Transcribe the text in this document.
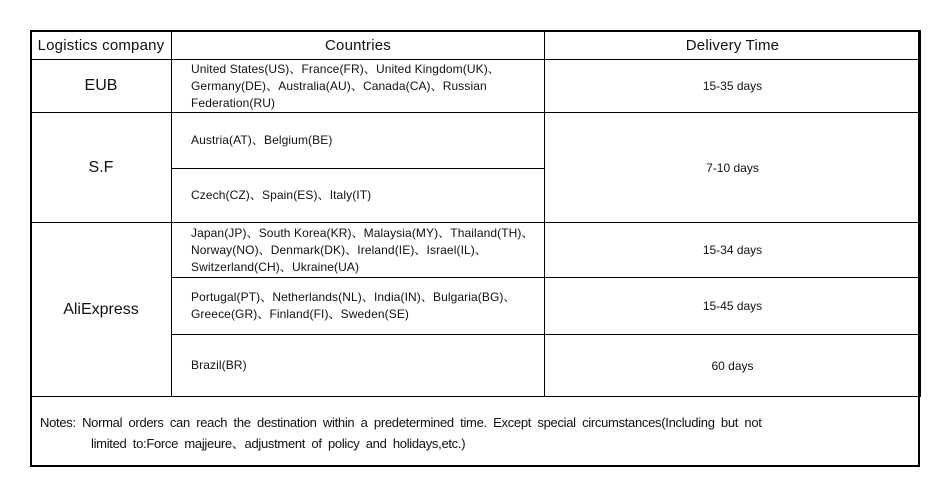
Logistics company	Countries	Delivery Time
EUB	United States(US)、France(FR)、United Kingdom(UK)、Germany(DE)、Australia(AU)、Canada(CA)、Russian Federation(RU)	15-35 days
S.F	Austria(AT)、Belgium(BE)	7-10 days
	Czech(CZ)、Spain(ES)、Italy(IT)	
AliExpress	Japan(JP)、South Korea(KR)、Malaysia(MY)、Thailand(TH)、Norway(NO)、Denmark(DK)、Ireland(IE)、Israel(IL)、Switzerland(CH)、Ukraine(UA)	15-34 days
	Portugal(PT)、Netherlands(NL)、India(IN)、Bulgaria(BG)、Greece(GR)、Finland(FI)、Sweden(SE)	15-45 days
	Brazil(BR)	60 days
Notes: Normal orders can reach the destination within a predetermined time. Except special circumstances(Including but not
limited to:Force majjeure、adjustment of policy and holidays,etc.)
